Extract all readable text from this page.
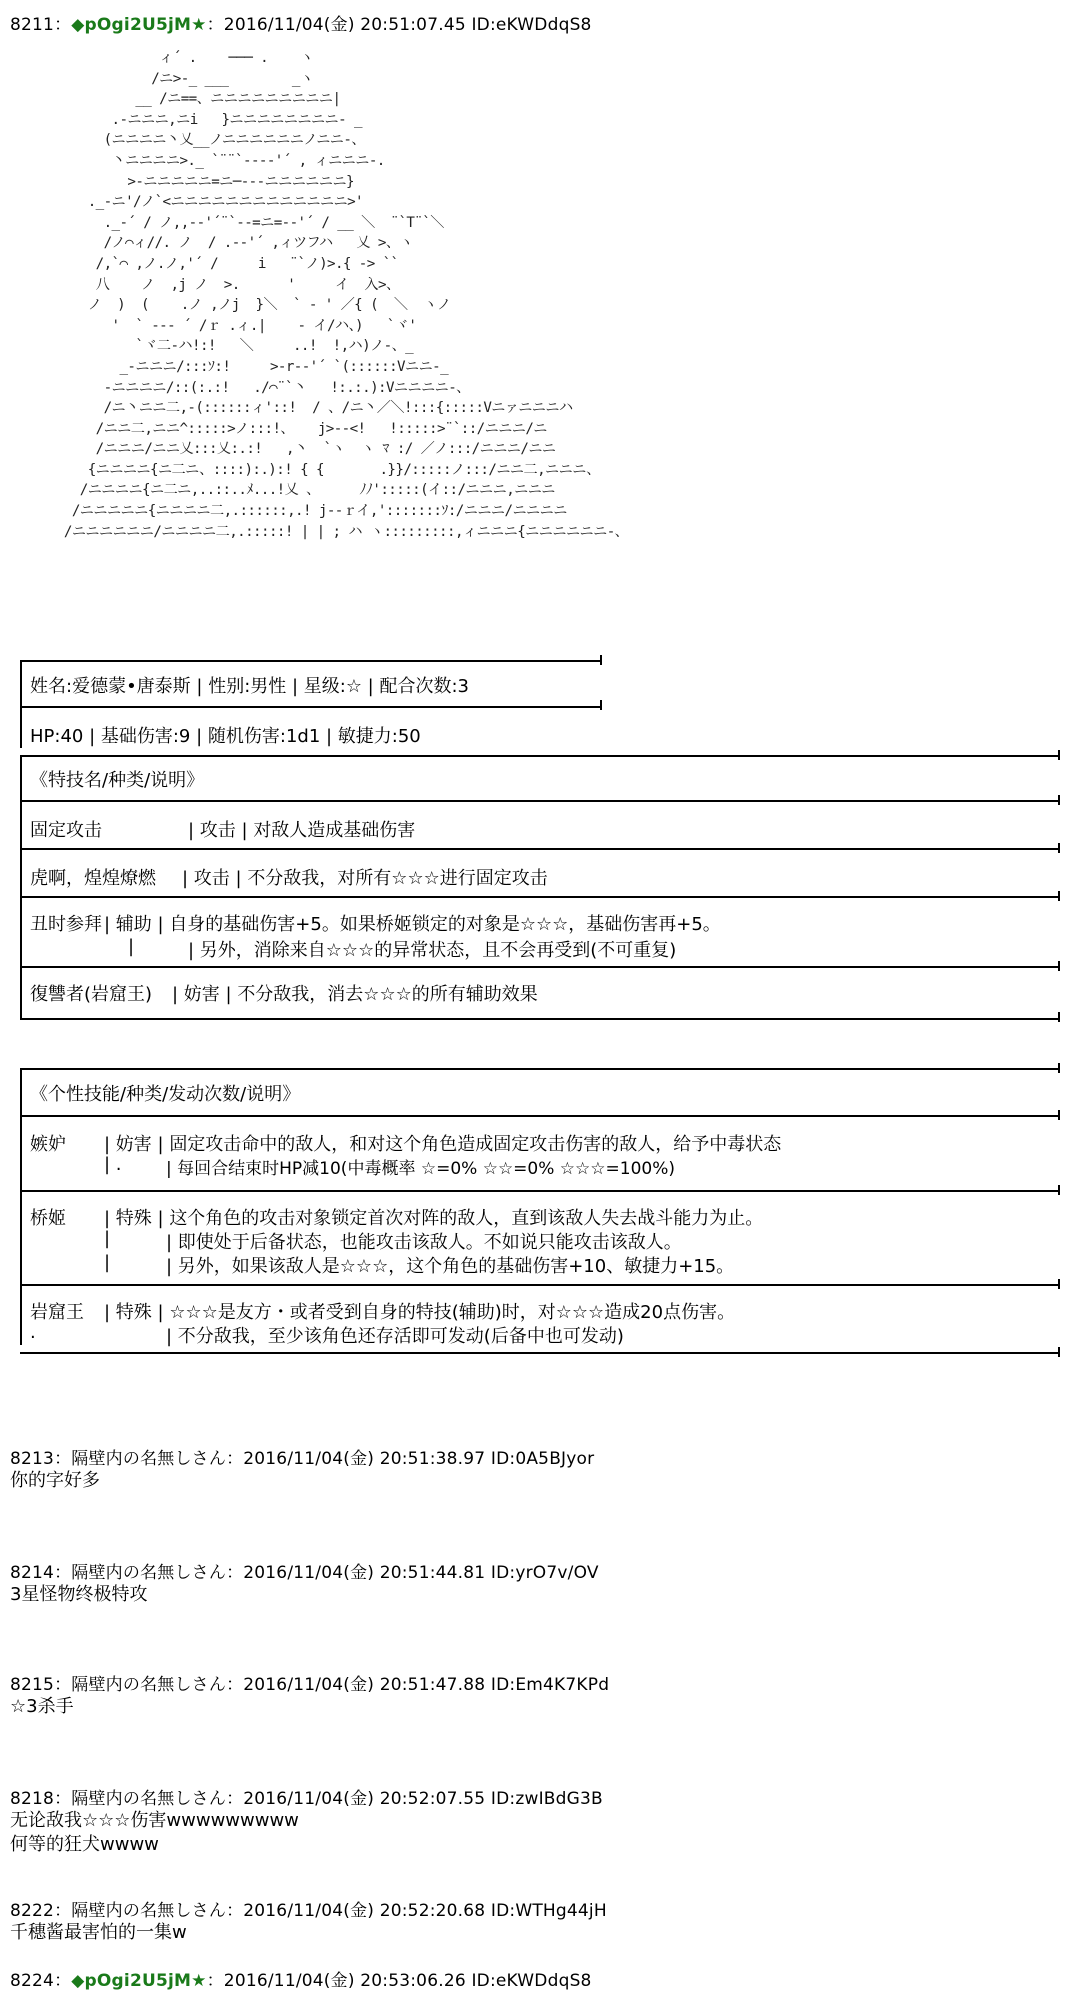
8211：◆pOgi2U5jM★：2016/11/04(金) 20:51:07.45 ID:eKWDdqS8
ィ´ .    ─── .    ヽ
/ニ>-_ ___        _ヽ
__ /ニ==、ニニニニニニニニニ|
.-ニニニ,ニi   }ニニニニニニニニ- _
(ニニニニ丶乂__ノニニニニニニノニニ-、
丶ニニニニ>._ `¨¨`‐--‐'´ , ィニニニ-.
>-ニニニニニ=ニ─--‐ニニニニニニ}
._-ニ'/ノ`<ニニニニニニニニニニニニニ>'
._-´ / ノ,,-‐'´¨`‐-=ニ=-‐'´ / __ ＼  ¨`T¨`＼
/ノ⌒ィ//. ノ  / .-‐'´ ,ィツフハ   乂 >、ヽ
/,`⌒ ,ノ.ノ,'´ /     i   ¨`ノ)>.{ ‐> ``
八    ノ  ,j ノ  >.      '     イ  入>、
ノ  )  (    .ノ ,ノj  }＼  ` - ' ／{ (  ＼  ヽノ
'  ` ‐-- ´ /ｒ .ィ.|    - イ/ハ、)   `ヾ'
`ヾ二-ハ!:!   ＼     ..!  !,ハ)ノ-、_
_-ニニニ/:::ｿ:!     >-r--'´ `(::::::Vニニ-_
-ニニニニ/::(:.:!   ./⌒¨`丶   !:.:.):Vニニニニ-、
/ニ丶ニニ二,-(::::::ィ'::!  / 、/ニ丶／＼!:::{:::::Vニァニニニハ
/ニニ二,ニニ^:::::>ノ:::!、   j>--<!   !:::::>¨`::/ニニニ/ニ
/ニニニ/ニニ乂:::乂:.:!   ,丶  `ヽ  ヽ ﾏ :/ ／ノ:::/ニニニ/ニニ
{ニニニニ{ニ二ニ、::::):.):! { {       .}}/:::::ノ:::/ニニ二,ニニニ、
/ニニニニ{ニ二ニ,..::..ﾒ...!乂 、     ﾉﾉ':::::(イ::/ニニニ,ニニニ
/ニニニニニ{ニニニニ二,.::::::,.! j--ｒイ,':::::::ｿ:/ニニニ/ニニニニ
/ニニニニニニ/ニニニニ二,.:::::! | | ; ハ ヽ:::::::::,ィニニニ{ニニニニニニ-、
姓名:爱德蒙•唐泰斯 | 性别:男性 | 星级:☆ | 配合次数:3
HP:40 | 基础伤害:9 | 随机伤害:1d1 | 敏捷力:50
《特技名/种类/说明》
固定攻击	| 攻击 | 对敌人造成基础伤害
虎啊，煌煌燎燃 | 攻击 | 不分敌我，对所有☆☆☆进行固定攻击
丑时参拜 | 辅助 | 自身的基础伤害+5。如果桥姬锁定的对象是☆☆☆，基础伤害再+5。
|	| 另外，消除来自☆☆☆的异常状态，且不会再受到(不可重复)
復讐者(岩窟王) | 妨害 | 不分敌我，消去☆☆☆的所有辅助效果
《个性技能/种类/发动次数/说明》
嫉妒 | 妨害 | 固定攻击命中的敌人，和对这个角色造成固定攻击伤害的敌人，给予中毒状态
| .	| 每回合结束时HP减10(中毒概率 ☆=0% ☆☆=0% ☆☆☆=100%)
桥姬 | 特殊 | 这个角色的攻击对象锁定首次对阵的敌人，直到该敌人失去战斗能力为止。
|	| 即使处于后备状态，也能攻击该敌人。不如说只能攻击该敌人。
|	| 另外，如果该敌人是☆☆☆，这个角色的基础伤害+10、敏捷力+15。
岩窟王 | 特殊 | ☆☆☆是友方・或者受到自身的特技(辅助)时，对☆☆☆造成20点伤害。
.	| 不分敌我，至少该角色还存活即可发动(后备中也可发动)
8213：隔壁内の名無しさん：2016/11/04(金) 20:51:38.97 ID:0A5BJyor
你的字好多
8214：隔壁内の名無しさん：2016/11/04(金) 20:51:44.81 ID:yrO7v/OV
3星怪物终极特攻
8215：隔壁内の名無しさん：2016/11/04(金) 20:51:47.88 ID:Em4K7KPd
☆3杀手
8218：隔壁内の名無しさん：2016/11/04(金) 20:52:07.55 ID:zwIBdG3B
无论敌我☆☆☆伤害wwwwwwwww
何等的狂犬wwww
8222：隔壁内の名無しさん：2016/11/04(金) 20:52:20.68 ID:WTHg44jH
千穗酱最害怕的一集w
8224：◆pOgi2U5jM★：2016/11/04(金) 20:53:06.26 ID:eKWDdqS8
